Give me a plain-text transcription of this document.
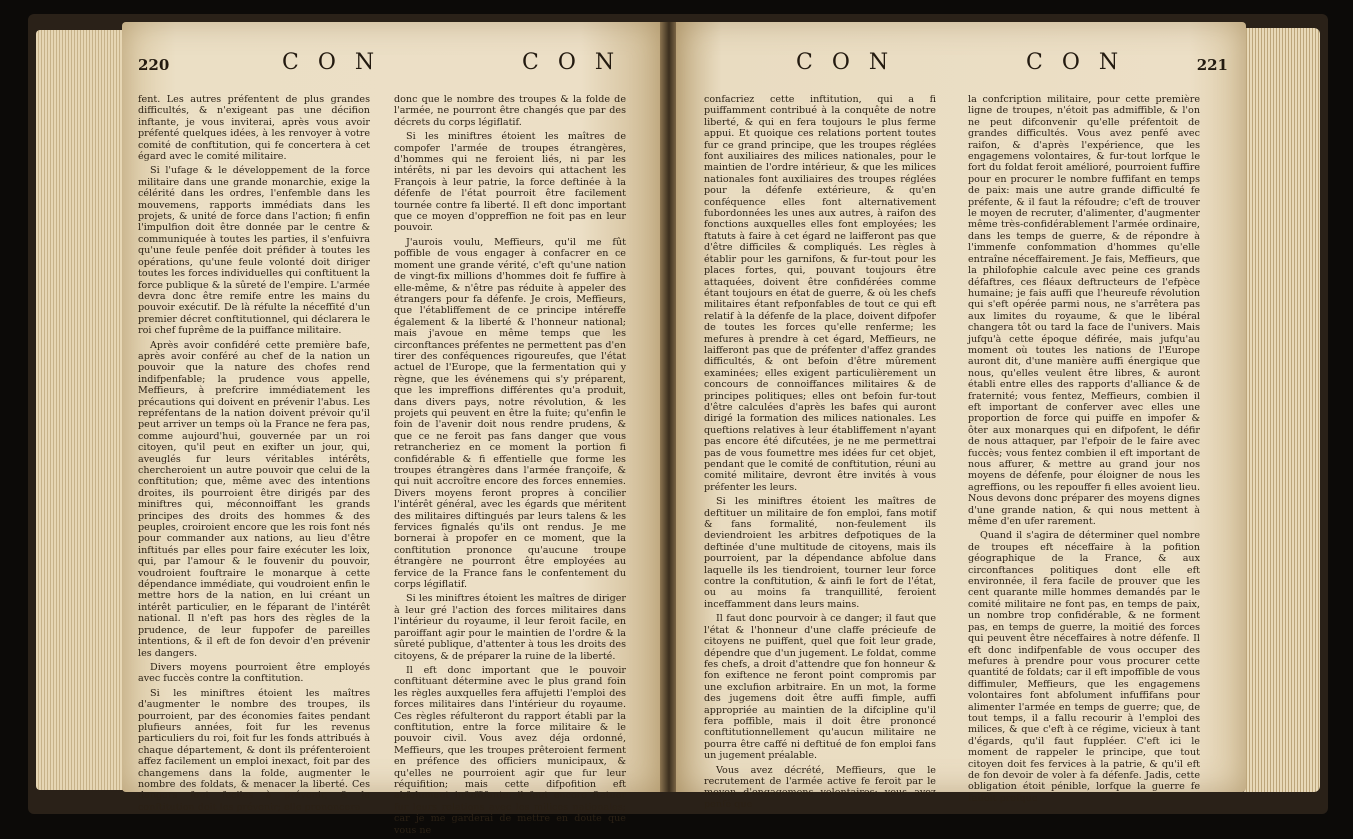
220	C O N	C O N

fent. Les autres préfentent de plus grandes difficultés, & n'exigeant pas une décifion inftante, je vous inviterai, après vous avoir préfenté quelques idées, à les renvoyer à votre comité de conftitution, qui fe concertera à cet égard avec le comité militaire.

Si l'ufage & le développement de la force militaire dans une grande monarchie, exige la célérité dans les ordres, l'enfemble dans les mouvemens, rapports immédiats dans les projets, & unité de force dans l'action; fi enfin l'impulfion doit être donnée par le centre & communiquée à toutes les parties, il s'enfuivra qu'une feule penfée doit préfider à toutes les opérations, qu'une feule volonté doit diriger toutes les forces individuelles qui conftituent la force publique & la sûreté de l'empire. L'armée devra donc être remife entre les mains du pouvoir exécutif. De là réfulte la néceffité d'un premier décret conftitutionnel, qui déclarera le roi chef fuprême de la puiffance militaire.

Après avoir confidéré cette première bafe, après avoir conféré au chef de la nation un pouvoir que la nature des chofes rend indifpenfable; la prudence vous appelle, Meffieurs, à prefcrire immédiatement les précautions qui doivent en prévenir l'abus. Les repréfentans de la nation doivent prévoir qu'il peut arriver un temps où la France ne fera pas, comme aujourd'hui, gouvernée par un roi citoyen, qu'il peut en exifter un jour, qui, aveuglés fur leurs véritables intérêts, chercheroient un autre pouvoir que celui de la conftitution; que, même avec des intentions droites, ils pourroient être dirigés par des miniftres qui, méconnoiffant les grands principes des droits des hommes & des peuples, croiroient encore que les rois font nés pour commander aux nations, au lieu d'être inftitués par elles pour faire exécuter les loix, qui, par l'amour & le fouvenir du pouvoir, voudroient fouftraire le monarque à cette dépendance immédiate, qui voudroient enfin le mettre hors de la nation, en lui créant un intérêt particulier, en le féparant de l'intérêt national. Il n'eft pas hors des règles de la prudence, de leur fuppofer de pareilles intentions, & il eft de fon devoir d'en prévenir les dangers.

Divers moyens pourroient être employés avec fuccès contre la conftitution.

Si les miniftres étoient les maîtres d'augmenter le nombre des troupes, ils pourroient, par des économies faites pendant plufieurs années, foit fur les revenus particuliers du roi, foit fur les fonds attribués à chaque département, & dont ils préfenteroient affez facilement un emploi inexact, foit par des changemens dans la folde, augmenter le nombre des foldats, & menacer la liberté. Ces dangers font faciles à prévenir, & la conftitution doit les prévenir; elle prononcera

donc que le nombre des troupes & la folde de l'armée, ne pourront être changés que par des décrets du corps légiflatif.

Si les miniftres étoient les maîtres de compofer l'armée de troupes étrangères, d'hommes qui ne feroient liés, ni par les intérêts, ni par les devoirs qui attachent les François à leur patrie, la force deftinée à la défenfe de l'état pourroit être facilement tournée contre fa liberté. Il eft donc important que ce moyen d'oppreffion ne foit pas en leur pouvoir.

J'aurois voulu, Meffieurs, qu'il me fût poffible de vous engager à confacrer en ce moment une grande vérité, c'eft qu'une nation de vingt-fix millions d'hommes doit fe fuffire à elle-même, & n'être pas réduite à appeler des étrangers pour fa défenfe. Je crois, Meffieurs, que l'établiffement de ce principe intéreffe également & la liberté & l'honneur national; mais j'avoue en même temps que les circonftances préfentes ne permettent pas d'en tirer des conféquences rigoureufes, que l'état actuel de l'Europe, que la fermentation qui y règne, que les événemens qui s'y préparent, que les impreffions différentes qu'a produit, dans divers pays, notre révolution, & les projets qui peuvent en être la fuite; qu'enfin le foin de l'avenir doit nous rendre prudens, & que ce ne feroit pas fans danger que vous retrancheriez en ce moment la portion fi confidérable & fi effentielle que forme les troupes étrangères dans l'armée françoife, & qui nuit accroître encore des forces ennemies. Divers moyens feront propres à concilier l'intérêt général, avec les égards que méritent des militaires diftingués par leurs talens & les fervices fignalés qu'ils ont rendus. Je me bornerai à propofer en ce moment, que la conftitution prononce qu'aucune troupe étrangère ne pourront être employées au fervice de la France fans le confentement du corps légiflatif.

Si les miniftres étoient les maîtres de diriger à leur gré l'action des forces militaires dans l'intérieur du royaume, il leur feroit facile, en paroiffant agir pour le maintien de l'ordre & la sûreté publique, d'attenter à tous les droits des citoyens, & de préparer la ruine de la liberté.

Il eft donc important que le pouvoir conftituant détermine avec le plus grand foin les règles auxquelles fera affujetti l'emploi des forces militaires dans l'intérieur du royaume. Ces règles réfulteront du rapport établi par la conftitution, entre la force militaire & le pouvoir civil. Vous avez déja ordonné, Meffieurs, que les troupes prêteroient ferment en préfence des officiers municipaux, & qu'elles ne pourroient agir que fur leur réquifition; mais cette difpofition eft abfolument infuffifante: il faut encore ftatuer fur leurs relations avec les milices nationales; car je me garderai de mettre en doute que vous ne

C O N	C O N	221

confacriez cette inftitution, qui a fi puiffamment contribué à la conquête de notre liberté, & qui en fera toujours le plus ferme appui. Et quoique ces relations portent toutes fur ce grand principe, que les troupes réglées font auxiliaires des milices nationales, pour le maintien de l'ordre intérieur, & que les milices nationales font auxiliaires des troupes réglées pour la défenfe extérieure, & qu'en conféquence elles font alternativement fubordonnées les unes aux autres, à raifon des fonctions auxquelles elles font employées; les ftatuts à faire à cet égard ne laifferont pas que d'être difficiles & compliqués. Les règles à établir pour les garnifons, & fur-tout pour les places fortes, qui, pouvant toujours être attaquées, doivent être confidérées comme étant toujours en état de guerre, & où les chefs militaires étant refponfables de tout ce qui eft relatif à la défenfe de la place, doivent difpofer de toutes les forces qu'elle renferme; les mefures à prendre à cet égard, Meffieurs, ne laifferont pas que de préfenter d'affez grandes difficultés, & ont befoin d'être mûrement examinées; elles exigent particulièrement un concours de connoiffances militaires & de principes politiques; elles ont befoin fur-tout d'être calculées d'après les bafes qui auront dirigé la formation des milices nationales. Les queftions relatives à leur établiffement n'ayant pas encore été difcutées, je ne me permettrai pas de vous foumettre mes idées fur cet objet, pendant que le comité de conftitution, réuni au comité militaire, devront être invités à vous préfenter les leurs.

Si les miniftres étoient les maîtres de deftituer un militaire de fon emploi, fans motif & fans formalité, non-feulement ils deviendroient les arbitres defpotiques de la deftinée d'une multitude de citoyens, mais ils pourroient, par la dépendance abfolue dans laquelle ils les tiendroient, tourner leur force contre la conftitution, & ainfi le fort de l'état, ou au moins fa tranquillité, feroient inceffamment dans leurs mains.

Il faut donc pourvoir à ce danger; il faut que l'état & l'honneur d'une claffe précieufe de citoyens ne puiffent, quel que foit leur grade, dépendre que d'un jugement. Le foldat, comme fes chefs, a droit d'attendre que fon honneur & fon exiftence ne feront point compromis par une exclufion arbitraire. En un mot, la forme des jugemens doit être auffi fimple, auffi appropriée au maintien de la difcipline qu'il fera poffible, mais il doit être prononcé conftitutionnellement qu'aucun militaire ne pourra être caffé ni deftitué de fon emploi fans un jugement préalable.

Vous avez décrété, Meffieurs, que le recrutement de l'armée active fe feroit par le moyen d'engagemens volontaires; vous avez penfé que

la confcription militaire, pour cette première ligne de troupes, n'étoit pas admiffible, & l'on ne peut difconvenir qu'elle préfentoit de grandes difficultés. Vous avez penfé avec raifon, & d'après l'expérience, que les engagemens volontaires, & fur-tout lorfque le fort du foldat feroit amélioré, pourroient fuffire pour en procurer le nombre fuffifant en temps de paix: mais une autre grande difficulté fe préfente, & il faut la réfoudre; c'eft de trouver le moyen de recruter, d'alimenter, d'augmenter même très-confidérablement l'armée ordinaire, dans les temps de guerre, & de répondre à l'immenfe confommation d'hommes qu'elle entraîne néceffairement. Je fais, Meffieurs, que la philofophie calcule avec peine ces grands défaftres, ces fléaux deftructeurs de l'efpèce humaine; je fais auffi que l'heureufe révolution qui s'eft opérée parmi nous, ne s'arrêtera pas aux limites du royaume, & que le libéral changera tôt ou tard la face de l'univers. Mais jufqu'à cette époque défirée, mais jufqu'au moment où toutes les nations de l'Europe auront dit, d'une manière auffi énergique que nous, qu'elles veulent être libres, & auront établi entre elles des rapports d'alliance & de fraternité; vous fentez, Meffieurs, combien il eft important de conferver avec elles une proportion de force qui puiffe en impofer & ôter aux monarques qui en difpofent, le défir de nous attaquer, par l'efpoir de le faire avec fuccès; vous fentez combien il eft important de nous affurer, & mettre au grand jour nos moyens de défenfe, pour éloigner de nous les agreffions, ou les repouffer fi elles avoient lieu. Nous devons donc préparer des moyens dignes d'une grande nation, & qui nous mettent à même d'en ufer rarement.

Quand il s'agira de déterminer quel nombre de troupes eft néceffaire à la pofition géographique de la France, & aux circonftances politiques dont elle eft environnée, il fera facile de prouver que les cent quarante mille hommes demandés par le comité militaire ne font pas, en temps de paix, un nombre trop confidérable, & ne forment pas, en temps de guerre, la moitié des forces qui peuvent être néceffaires à notre défenfe. Il eft donc indifpenfable de vous occuper des mefures à prendre pour vous procurer cette quantité de foldats; car il eft impoffible de vous diffimuler, Meffieurs, que les engagemens volontaires font abfolument infuffifans pour alimenter l'armée en temps de guerre; que, de tout temps, il a fallu recourir à l'emploi des milices, & que c'eft à ce régime, vicieux à tant d'égards, qu'il faut fuppléer. C'eft ici le moment de rappeler le principe, que tout citoyen doit fes fervices à la patrie, & qu'il eft de fon devoir de voler à fa défenfe. Jadis, cette obligation étoit pénible, lorfque la guerre fe faifoit prefque
